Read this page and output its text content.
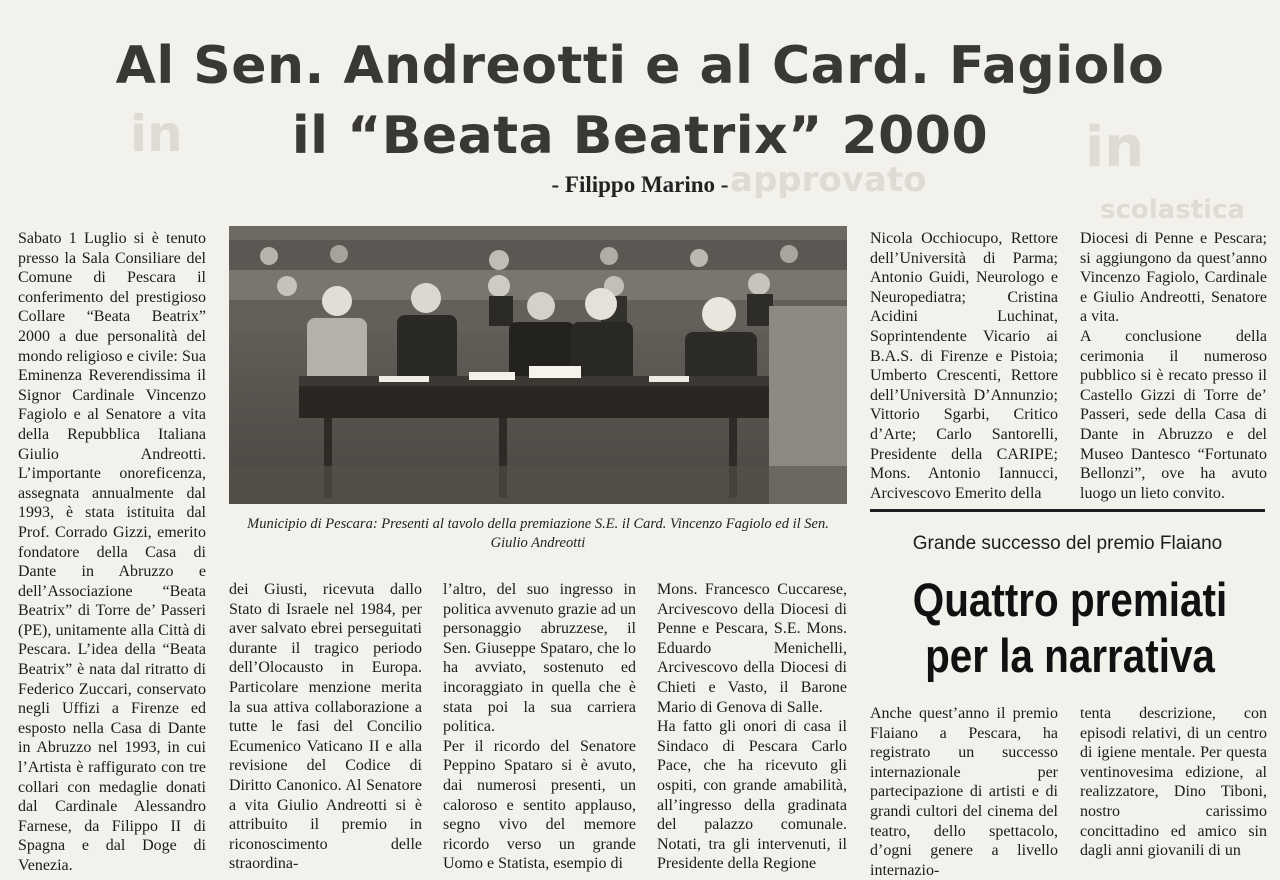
in	in
approvato
scolastica
Al Sen. Andreotti e al Card. Fagiolo
il “Beata Beatrix” 2000
- Filippo Marino -

Sabato 1 Luglio si è tenuto presso la Sala Consiliare del Comune di Pescara il conferimento del prestigioso Collare “Beata Beatrix” 2000 a due personalità del mondo religioso e civile: Sua Eminenza Reverendissima il Signor Cardinale Vincenzo Fagiolo e al Senatore a vita della Repubblica Italiana Giulio Andreotti. L’importante onoreficenza, assegnata annualmente dal 1993, è stata istituita dal Prof. Corrado Gizzi, emerito fondatore della Casa di Dante in Abruzzo e dell’Associazione “Beata Beatrix” di Torre de’ Passeri (PE), unitamente alla Città di Pescara. L’idea della “Beata Beatrix” è nata dal ritratto di Federico Zuccari, conservato negli Uffizi a Firenze ed esposto nella Casa di Dante in Abruzzo nel 1993, in cui l’Artista è raffigurato con tre collari con medaglie donati dal Cardinale Alessandro Farnese, da Filippo II di Spagna e dal Doge di Venezia.

Municipio di Pescara: Presenti al tavolo della premiazione S.E. il Card. Vincenzo Fagiolo ed il Sen. Giulio Andreotti

dei Giusti, ricevuta dallo Stato di Israele nel 1984, per aver salvato ebrei perseguitati durante il tragico periodo dell’Olocausto in Europa. Particolare menzione merita la sua attiva collaborazione a tutte le fasi del Concilio Ecumenico Vaticano II e alla revisione del Codice di Diritto Canonico. Al Senatore a vita Giulio Andreotti si è attribuito il premio in riconoscimento delle straordina-

l’altro, del suo ingresso in politica avvenuto grazie ad un personaggio abruzzese, il Sen. Giuseppe Spataro, che lo ha avviato, sostenuto ed incoraggiato in quella che è stata poi la sua carriera politica.

Per il ricordo del Senatore Peppino Spataro si è avuto, dai numerosi presenti, un caloroso e sentito applauso, segno vivo del memore ricordo verso un grande Uomo e Statista, esempio di

Mons. Francesco Cuccarese, Arcivescovo della Diocesi di Penne e Pescara, S.E. Mons. Eduardo Menichelli, Arcivescovo della Diocesi di Chieti e Vasto, il Barone Mario di Genova di Salle.

Ha fatto gli onori di casa il Sindaco di Pescara Carlo Pace, che ha ricevuto gli ospiti, con grande amabilità, all’ingresso della gradinata del palazzo comunale. Notati, tra gli intervenuti, il Presidente della Regione

Nicola Occhiocupo, Rettore dell’Università di Parma; Antonio Guidi, Neurologo e Neuropediatra; Cristina Acidini Luchinat, Soprintendente Vicario ai B.A.S. di Firenze e Pistoia; Umberto Crescenti, Rettore dell’Università D’Annunzio; Vittorio Sgarbi, Critico d’Arte; Carlo Santorelli, Presidente della CARIPE; Mons. Antonio Iannucci, Arcivescovo Emerito della

Diocesi di Penne e Pescara; si aggiungono da quest’anno Vincenzo Fagiolo, Cardinale e Giulio Andreotti, Senatore a vita.

A conclusione della cerimonia il numeroso pubblico si è recato presso il Castello Gizzi di Torre de’ Passeri, sede della Casa di Dante in Abruzzo e del Museo Dantesco “Fortunato Bellonzi”, ove ha avuto luogo un lieto convito.

Grande successo del premio Flaiano
Quattro premiati
per la narrativa

Anche quest’anno il premio Flaiano a Pescara, ha registrato un successo internazionale per partecipazione di artisti e di grandi cultori del cinema del teatro, dello spettacolo, d’ogni genere a livello internazio-

tenta descrizione, con episodi relativi, di un centro di igiene mentale. Per questa ventinovesima edizione, al realizzatore, Dino Tiboni, nostro carissimo concittadino ed amico sin dagli anni giovanili di un
